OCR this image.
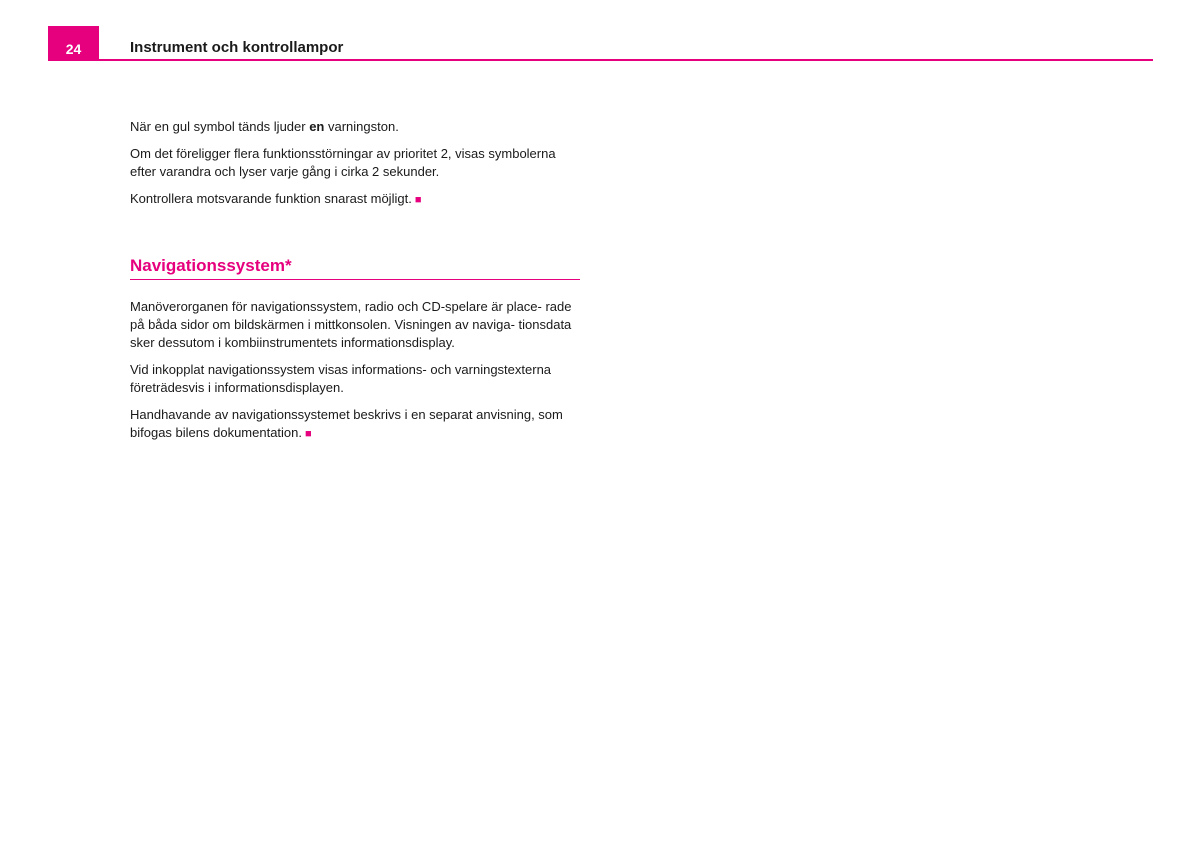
24	Instrument och kontrollampor

När en gul symbol tänds ljuder en varningston.

Om det föreligger flera funktionsstörningar av prioritet 2, visas symbolerna efter varandra och lyser varje gång i cirka 2 sekunder.

Kontrollera motsvarande funktion snarast möjligt. ■

Navigationssystem*

Manöverorganen för navigationssystem, radio och CD-spelare är place- rade på båda sidor om bildskärmen i mittkonsolen. Visningen av naviga- tionsdata sker dessutom i kombiinstrumentets informationsdisplay.

Vid inkopplat navigationssystem visas informations- och varningstexterna företrädesvis i informationsdisplayen.

Handhavande av navigationssystemet beskrivs i en separat anvisning, som bifogas bilens dokumentation. ■
